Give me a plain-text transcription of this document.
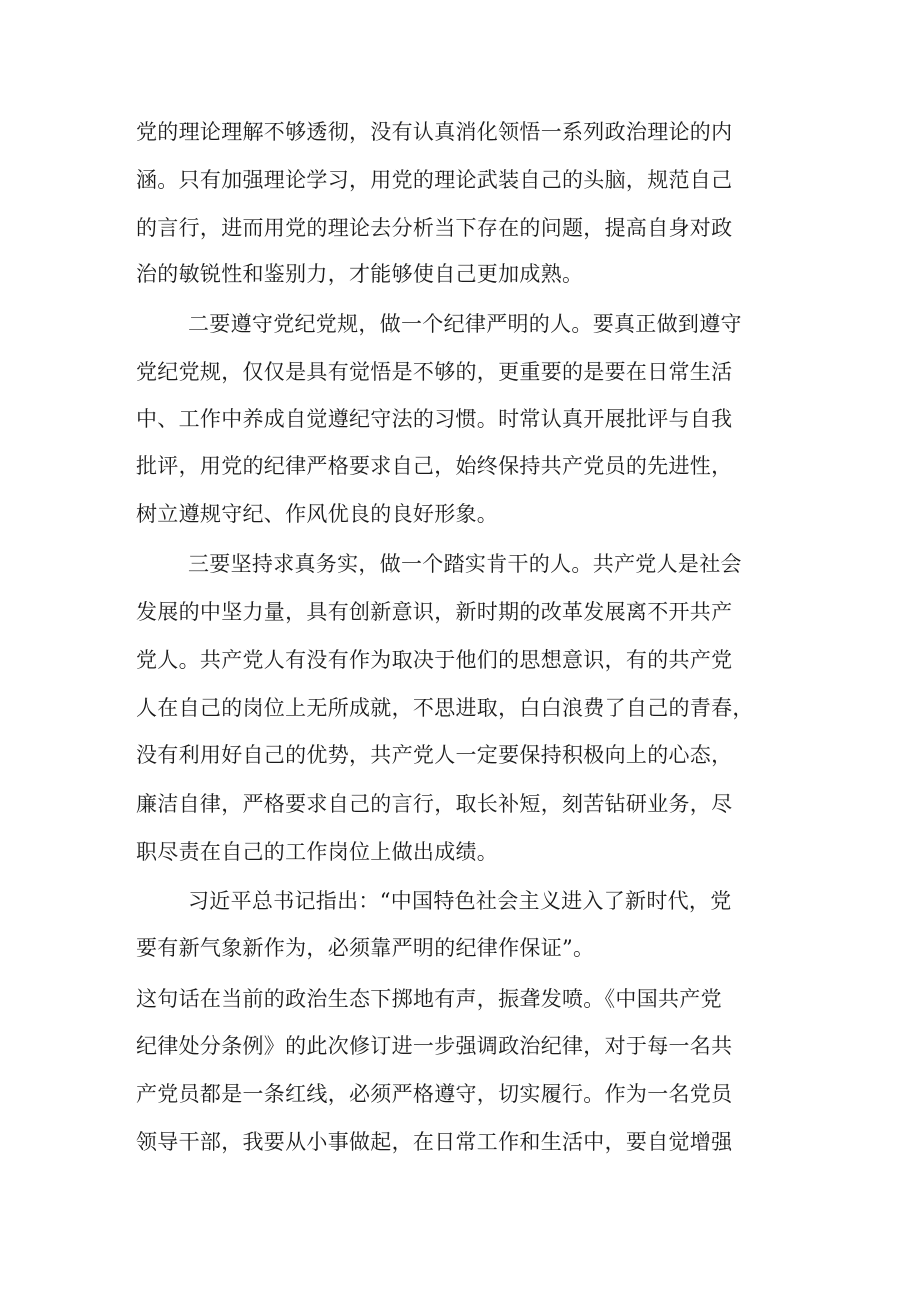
党的理论理解不够透彻，没有认真消化领悟一系列政治理论的内
涵。只有加强理论学习，用党的理论武装自己的头脑，规范自己
的言行，进而用党的理论去分析当下存在的问题，提高自身对政
治的敏锐性和鉴别力，才能够使自己更加成熟。
二要遵守党纪党规，做一个纪律严明的人。要真正做到遵守
党纪党规，仅仅是具有觉悟是不够的，更重要的是要在日常生活
中、工作中养成自觉遵纪守法的习惯。时常认真开展批评与自我
批评，用党的纪律严格要求自己，始终保持共产党员的先进性，
树立遵规守纪、作风优良的良好形象。
三要坚持求真务实，做一个踏实肯干的人。共产党人是社会
发展的中坚力量，具有创新意识，新时期的改革发展离不开共产
党人。共产党人有没有作为取决于他们的思想意识，有的共产党
人在自己的岗位上无所成就，不思进取，白白浪费了自己的青春，
没有利用好自己的优势，共产党人一定要保持积极向上的心态，
廉洁自律，严格要求自己的言行，取长补短，刻苦钻研业务，尽
职尽责在自己的工作岗位上做出成绩。
习近平总书记指出：“中国特色社会主义进入了新时代，党
要有新气象新作为，必须靠严明的纪律作保证”。
这句话在当前的政治生态下掷地有声，振聋发喷。《中国共产党
纪律处分条例》的此次修订进一步强调政治纪律，对于每一名共
产党员都是一条红线，必须严格遵守，切实履行。作为一名党员
领导干部，我要从小事做起，在日常工作和生活中，要自觉增强
